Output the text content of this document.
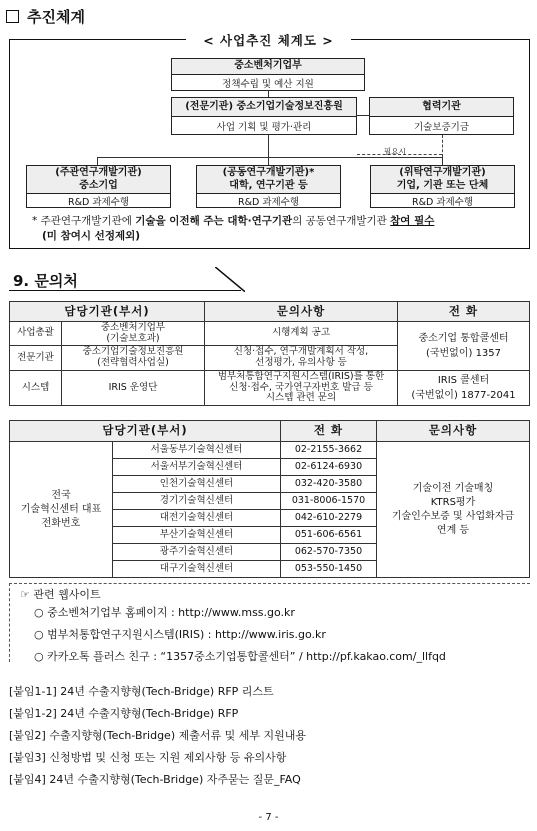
추진체계
< 사업추진 체계도 >
필요시
중소벤처기업부
정책수립 및 예산 지원
(전문기관) 중소기업기술정보진흥원
사업 기획 및 평가·관리
협력기관
기술보증기금
(주관연구개발기관)
중소기업
R&D 과제수행
(공동연구개발기관)*
대학, 연구기관 등
R&D 과제수행
(위탁연구개발기관)
기업, 기관 또는 단체
R&D 과제수행
* 주관연구개발기관에 기술을 이전해 주는 대학·연구기관의 공동연구개발기관 참여 필수
(미 참여시 선정제외)
9. 문의처
담당기관(부서)		문의사항	전 화
사업총괄	중소벤처기업부
(기술보호과)	시행계획 공고	중소기업 통합콜센터
(국번없이) 1357
전문기관	중소기업기술정보진흥원
(전략협력사업실)	신청·접수, 연구개발계획서 작성,
선정평가, 유의사항 등	
시스템	IRIS 운영단	범부처통합연구지원시스템(IRIS)를 통한
신청·접수, 국가연구자번호 발급 등
시스템 관련 문의	IRIS 콜센터
(국번없이) 1877-2041
담당기관(부서)		전 화	문의사항
전국
기술혁신센터 대표
전화번호	서울동부기술혁신센터	02-2155-3662	기술이전 기술매칭
KTRS평가
기술인수보증 및 사업화자금
연계 등
	서울서부기술혁신센터	02-6124-6930	
	인천기술혁신센터	032-420-3580	
	경기기술혁신센터	031-8006-1570	
	대전기술혁신센터	042-610-2279	
	부산기술혁신센터	051-606-6561	
	광주기술혁신센터	062-570-7350	
	대구기술혁신센터	053-550-1450	
☞ 관련 웹사이트
○ 중소벤처기업부 홈페이지 : http://www.mss.go.kr
○ 범부처통합연구지원시스템(IRIS) : http://www.iris.go.kr
○ 카카오톡 플러스 친구 : “1357중소기업통합콜센터” / http://pf.kakao.com/_llfqd
[붙임1-1] 24년 수출지향형(Tech-Bridge) RFP 리스트
[붙임1-2] 24년 수출지향형(Tech-Bridge) RFP
[붙임2] 수출지향형(Tech-Bridge) 제출서류 및 세부 지원내용
[붙임3] 신청방법 및 신청 또는 지원 제외사항 등 유의사항
[붙임4] 24년 수출지향형(Tech-Bridge) 자주묻는 질문_FAQ
- 7 -
